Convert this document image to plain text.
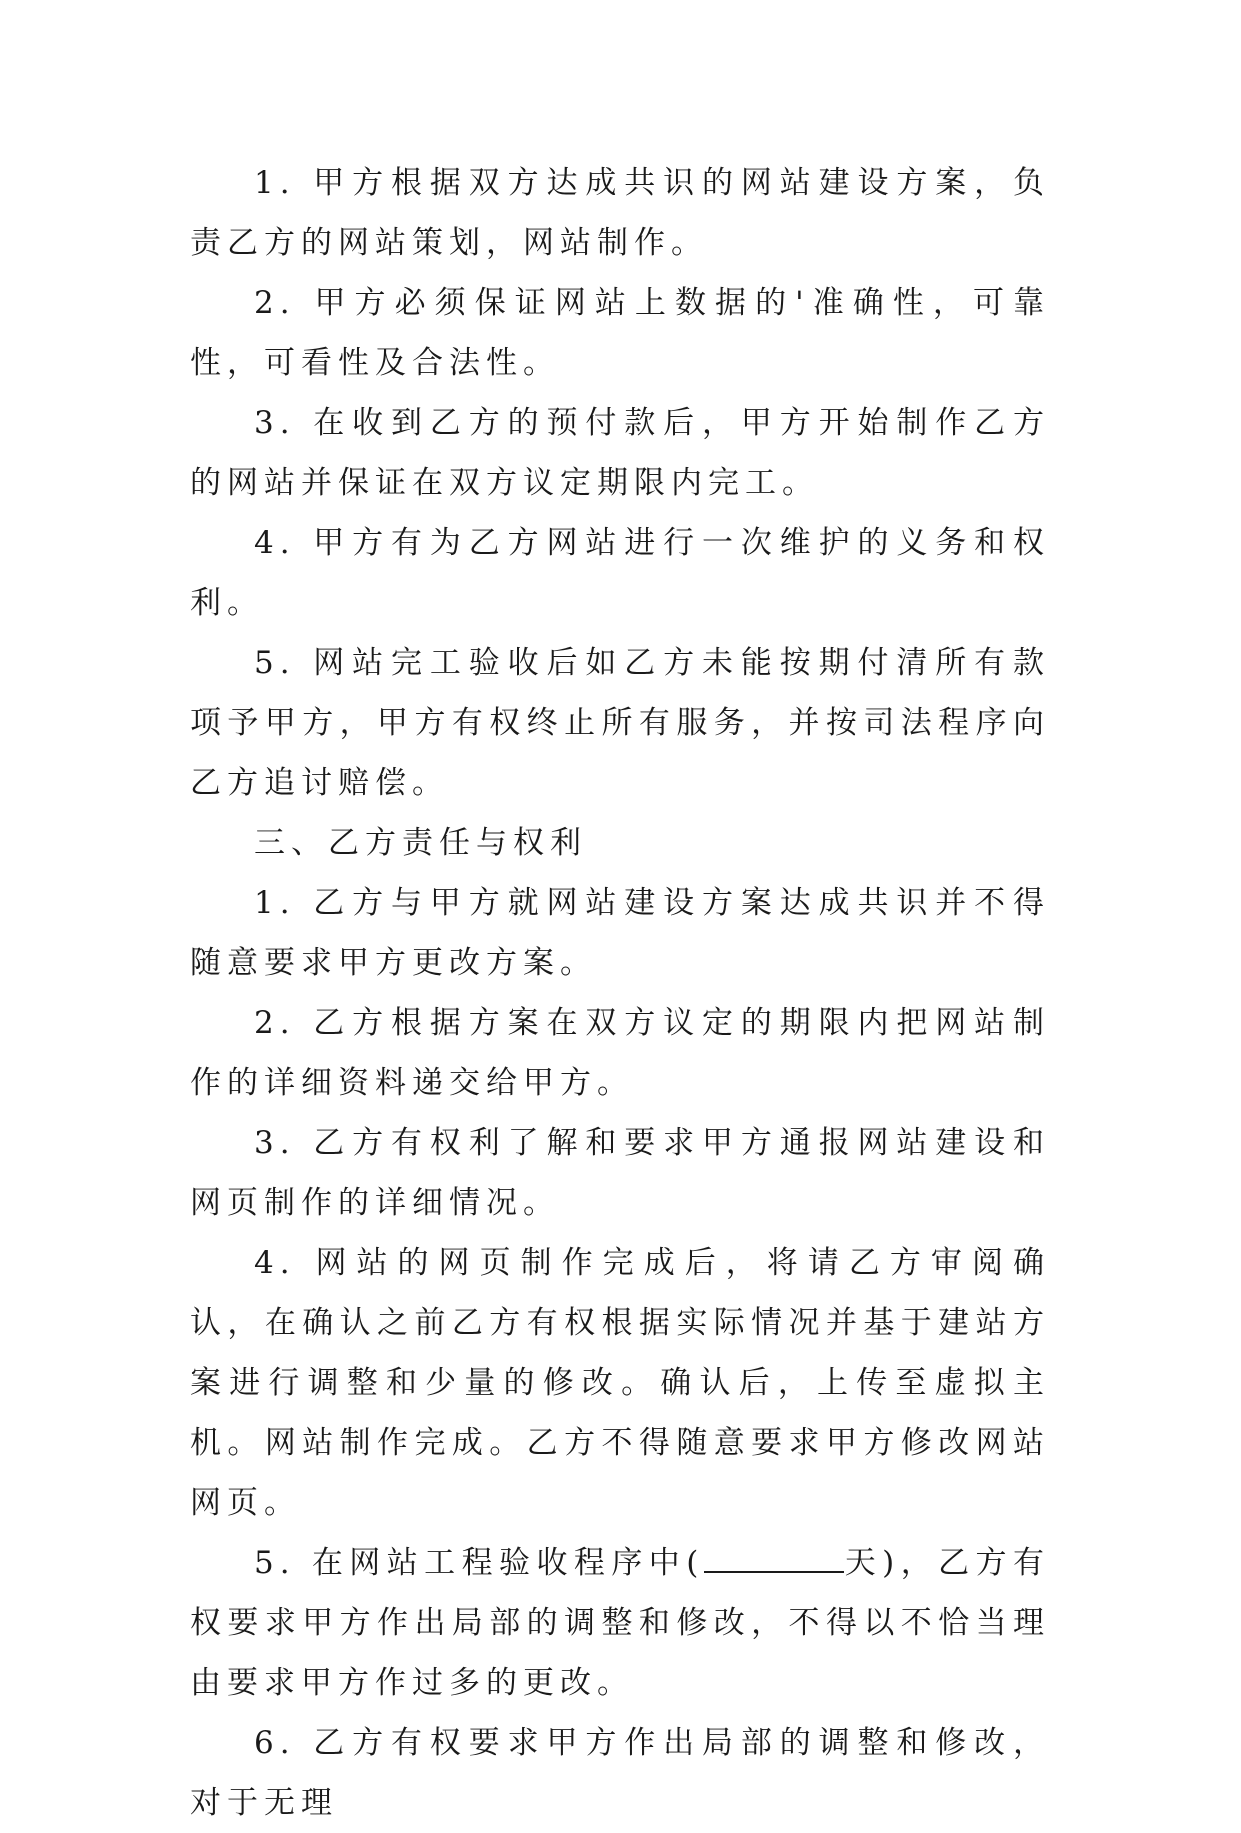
1. 甲方根据双方达成共识的网站建设方案，负责乙方的网站策划，网站制作。

2. 甲方必须保证网站上数据的'准确性，可靠性，可看性及合法性。

3. 在收到乙方的预付款后，甲方开始制作乙方的网站并保证在双方议定期限内完工。

4. 甲方有为乙方网站进行一次维护的义务和权利。

5. 网站完工验收后如乙方未能按期付清所有款项予甲方，甲方有权终止所有服务，并按司法程序向乙方追讨赔偿。

三、乙方责任与权利

1. 乙方与甲方就网站建设方案达成共识并不得随意要求甲方更改方案。

2. 乙方根据方案在双方议定的期限内把网站制作的详细资料递交给甲方。

3. 乙方有权利了解和要求甲方通报网站建设和网页制作的详细情况。

4. 网站的网页制作完成后，将请乙方审阅确认，在确认之前乙方有权根据实际情况并基于建站方案进行调整和少量的修改。确认后，上传至虚拟主机。网站制作完成。乙方不得随意要求甲方修改网站网页。

5. 在网站工程验收程序中(	天)，乙方有权要求甲方作出局部的调整和修改，不得以不恰当理由要求甲方作过多的更改。

6. 乙方有权要求甲方作出局部的调整和修改，对于无理
